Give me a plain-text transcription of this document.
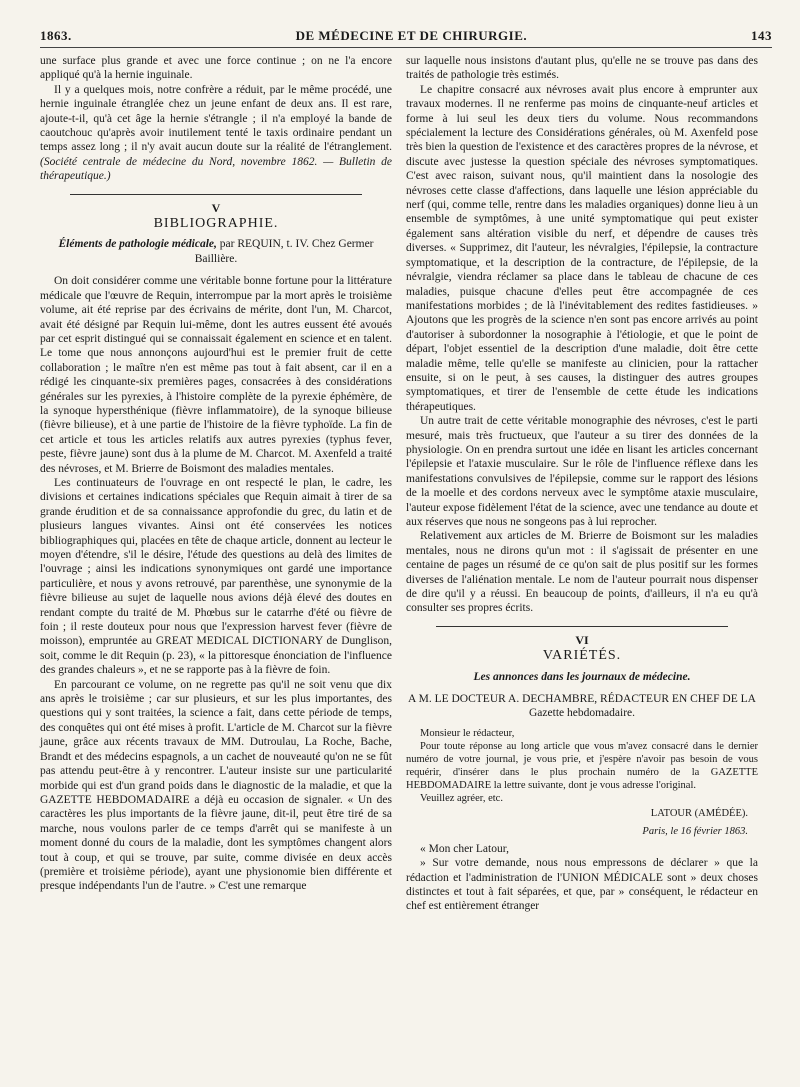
1863.	DE MÉDECINE ET DE CHIRURGIE.	143

une surface plus grande et avec une force continue ; on ne l'a encore appliqué qu'à la hernie inguinale.

Il y a quelques mois, notre confrère a réduit, par le même procédé, une hernie inguinale étranglée chez un jeune enfant de deux ans. Il est rare, ajoute-t-il, qu'à cet âge la hernie s'étrangle ; il n'a employé la bande de caoutchouc qu'après avoir inutilement tenté le taxis ordinaire pendant un temps assez long ; il n'y avait aucun doute sur la réalité de l'étranglement. (Société centrale de médecine du Nord, novembre 1862. — Bulletin de thérapeutique.)

V
BIBLIOGRAPHIE.
Éléments de pathologie médicale, par REQUIN, t. IV. Chez Germer Baillière.

On doit considérer comme une véritable bonne fortune pour la littérature médicale que l'œuvre de Requin, interrompue par la mort après le troisième volume, ait été reprise par des écrivains de mérite, dont l'un, M. Charcot, avait été désigné par Requin lui-même, dont les autres eussent été avoués par cet esprit distingué qui se connaissait également en science et en talent. Le tome que nous annonçons aujourd'hui est le premier fruit de cette collaboration ; le maître n'en est même pas tout à fait absent, car il en a rédigé les cinquante-six premières pages, consacrées à des considérations générales sur les pyrexies, à l'histoire complète de la pyrexie éphémère, de la synoque hypersthénique (fièvre inflammatoire), de la synoque bilieuse (fièvre bilieuse), et à une partie de l'histoire de la fièvre typhoïde. La fin de cet article et tous les articles relatifs aux autres pyrexies (typhus fever, peste, fièvre jaune) sont dus à la plume de M. Charcot. M. Axenfeld a traité des névroses, et M. Brierre de Boismont des maladies mentales.

Les continuateurs de l'ouvrage en ont respecté le plan, le cadre, les divisions et certaines indications spéciales que Requin aimait à tirer de sa grande érudition et de sa connaissance approfondie du grec, du latin et de plusieurs langues vivantes. Ainsi ont été conservées les notices bibliographiques qui, placées en tête de chaque article, donnent au lecteur le moyen d'étendre, s'il le désire, l'étude des questions au delà des limites de l'ouvrage ; ainsi les indications synonymiques ont gardé une importance particulière, et nous y avons retrouvé, par parenthèse, une synonymie de la fièvre bilieuse au sujet de laquelle nous avions déjà élevé des doutes en rendant compte du traité de M. Phœbus sur le catarrhe d'été ou fièvre de foin ; il reste douteux pour nous que l'expression harvest fever (fièvre de moisson), empruntée au GREAT MEDICAL DICTIONARY de Dunglison, soit, comme le dit Requin (p. 23), « la pittoresque énonciation de l'influence des grandes chaleurs », et ne se rapporte pas à la fièvre de foin.

En parcourant ce volume, on ne regrette pas qu'il ne soit venu que dix ans après le troisième ; car sur plusieurs, et sur les plus importantes, des questions qui y sont traitées, la science a fait, dans cette période de temps, des conquêtes qui ont été mises à profit. L'article de M. Charcot sur la fièvre jaune, grâce aux récents travaux de MM. Dutroulau, La Roche, Bache, Brandt et des médecins espagnols, a un cachet de nouveauté qu'on ne se fût pas attendu peut-être à y rencontrer. L'auteur insiste sur une particularité morbide qui est d'un grand poids dans le diagnostic de la maladie, et que la GAZETTE HEBDOMADAIRE a déjà eu occasion de signaler. « Un des caractères les plus importants de la fièvre jaune, dit-il, peut être tiré de sa marche, nous voulons parler de ce temps d'arrêt qui se manifeste à un moment donné du cours de la maladie, dont les symptômes changent alors tout à coup, et qui se trouve, par suite, comme divisée en deux accès (première et troisième période), ayant une physionomie bien différente et presque indépendants l'un de l'autre. » C'est une remarque

sur laquelle nous insistons d'autant plus, qu'elle ne se trouve pas dans des traités de pathologie très estimés.

Le chapitre consacré aux névroses avait plus encore à emprunter aux travaux modernes. Il ne renferme pas moins de cinquante-neuf articles et forme à lui seul les deux tiers du volume. Nous recommandons spécialement la lecture des Considérations générales, où M. Axenfeld pose très bien la question de l'existence et des caractères propres de la névrose, et discute avec justesse la question spéciale des névroses symptomatiques. C'est avec raison, suivant nous, qu'il maintient dans la nosologie des névroses cette classe d'affections, dans laquelle une lésion appréciable du nerf (qui, comme telle, rentre dans les maladies organiques) donne lieu à un ensemble de symptômes, à une unité symptomatique qui peut exister également sans altération visible du nerf, et dépendre de causes très diverses. « Supprimez, dit l'auteur, les névralgies, l'épilepsie, la contracture symptomatique, et la description de la contracture, de l'épilepsie, de la névralgie, viendra réclamer sa place dans le tableau de chacune de ces maladies, puisque chacune d'elles peut être accompagnée de ces manifestations morbides ; de là l'inévitablement des redites fastidieuses. » Ajoutons que les progrès de la science n'en sont pas encore arrivés au point d'autoriser à subordonner la nosographie à l'étiologie, et que le point de départ, l'objet essentiel de la description d'une maladie, doit être cette maladie même, telle qu'elle se manifeste au clinicien, pour la rattacher ensuite, si on le peut, à ses causes, la distinguer des autres groupes symptomatiques, et tirer de l'ensemble de cette étude les indications thérapeutiques.

Un autre trait de cette véritable monographie des névroses, c'est le parti mesuré, mais très fructueux, que l'auteur a su tirer des données de la physiologie. On en prendra surtout une idée en lisant les articles concernant l'épilepsie et l'ataxie musculaire. Sur le rôle de l'influence réflexe dans les manifestations convulsives de l'épilepsie, comme sur le rapport des lésions de la moelle et des cordons nerveux avec le symptôme ataxie musculaire, l'auteur expose fidèlement l'état de la science, avec une tendance au doute et aux réserves que nous ne songeons pas à lui reprocher.

Relativement aux articles de M. Brierre de Boismont sur les maladies mentales, nous ne dirons qu'un mot : il s'agissait de présenter en une centaine de pages un résumé de ce qu'on sait de plus positif sur les formes diverses de l'aliénation mentale. Le nom de l'auteur pourrait nous dispenser de dire qu'il y a réussi. En beaucoup de points, d'ailleurs, il n'a eu qu'à consulter ses propres écrits.

VI
VARIÉTÉS.
Les annonces dans les journaux de médecine.
A M. LE DOCTEUR A. DECHAMBRE, RÉDACTEUR EN CHEF DE LA Gazette hebdomadaire.

Monsieur le rédacteur,

Pour toute réponse au long article que vous m'avez consacré dans le dernier numéro de votre journal, je vous prie, et j'espère n'avoir pas besoin de vous requérir, d'insérer dans le plus prochain numéro de la GAZETTE HEBDOMADAIRE la lettre suivante, dont je vous adresse l'original.

Veuillez agréer, etc.

LATOUR (AMÉDÉE).
Paris, le 16 février 1863.

« Mon cher Latour,

» Sur votre demande, nous nous empressons de déclarer » que la rédaction et l'administration de l'UNION MÉDICALE sont » deux choses distinctes et tout à fait séparées, et que, par » conséquent, le rédacteur en chef est entièrement étranger
